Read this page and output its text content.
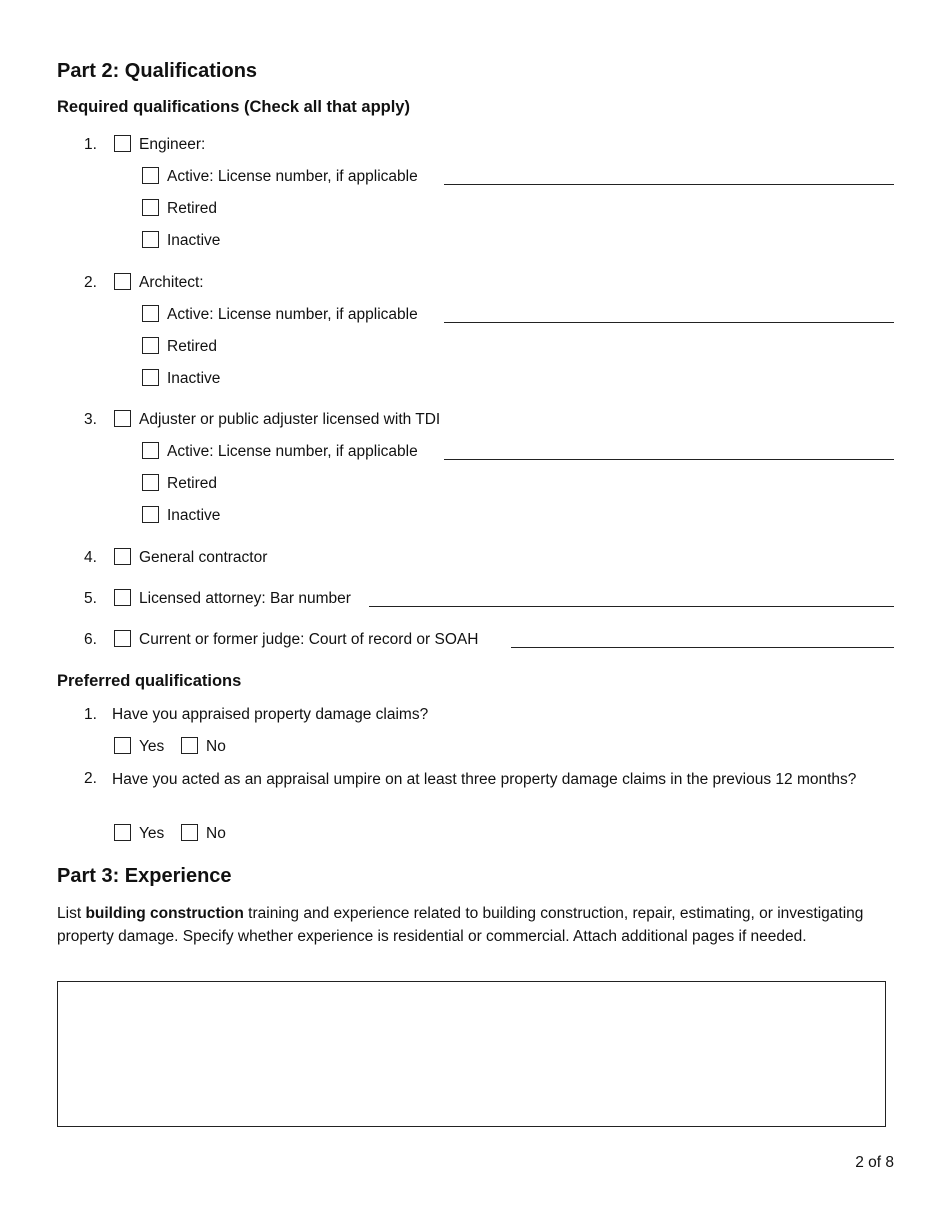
Part 2: Qualifications
Required qualifications (Check all that apply)
1.	Engineer:
Active: License number, if applicable
Retired
Inactive
2.	Architect:
Active: License number, if applicable
Retired
Inactive
3.	Adjuster or public adjuster licensed with TDI
Active: License number, if applicable
Retired
Inactive
4.	General contractor
5.	Licensed attorney: Bar number
6.	Current or former judge: Court of record or SOAH
Preferred qualifications
1. Have you appraised property damage claims?
Yes	No
2. Have you acted as an appraisal umpire on at least three property damage claims in the previous 12 months?
Yes	No
Part 3: Experience
List building construction training and experience related to building construction, repair, estimating, or investigating property damage. Specify whether experience is residential or commercial. Attach additional pages if needed.
2 of 8
